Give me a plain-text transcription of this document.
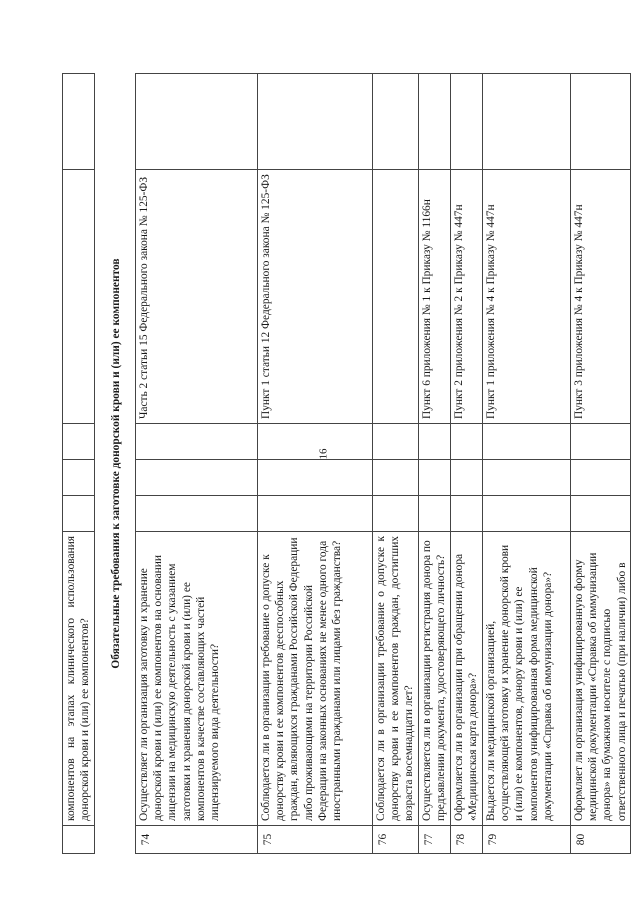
16
	компонентов на этапах клинического использования донорской крови и (или) ее компонентов?					
Обязательные требования к заготовке донорской крови и (или) ее компонентов						
74	Осуществляет ли организация заготовку и хранение донорской крови и (или) ее компонентов на основании лицензии на медицинскую деятельность с указанием заготовки и хранения донорской крови и (или) ее компонентов в качестве составляющих частей лицензируемого вида деятельности?				Часть 2 статьи 15 Федерального закона № 125-ФЗ	
75	Соблюдается ли в организации требование о допуске к донорству крови и ее компонентов дееспособных граждан, являющихся гражданами Российской Федерации либо проживающими на территории Российской Федерации на законных основаниях не менее одного года иностранными гражданами или лицами без гражданства?				Пункт 1 статьи 12 Федерального закона № 125-ФЗ	
76	Соблюдается ли в организации требование о допуске к донорству крови и ее компонентов граждан, достигших возраста восемнадцати лет?					
77	Осуществляется ли в организации регистрация донора по предъявлении документа, удостоверяющего личность?				Пункт 6 приложения № 1 к Приказу № 1166н	
78	Оформляется ли в организации при обращении донора «Медицинская карта донора»?				Пункт 2 приложения № 2 к Приказу № 447н	
79	Выдается ли медицинской организацией, осуществляющей заготовку и хранение донорской крови и (или) ее компонентов, донору крови и (или) ее компонентов унифицированная форма медицинской документации «Справка об иммунизации донора»?				Пункт 1 приложения № 4 к Приказу № 447н	
80	Оформляет ли организация унифицированную форму медицинской документации «Справка об иммунизации донора» на бумажном носителе с подписью ответственного лица и печатью (при наличии) либо в				Пункт 3 приложения № 4 к Приказу № 447н	
